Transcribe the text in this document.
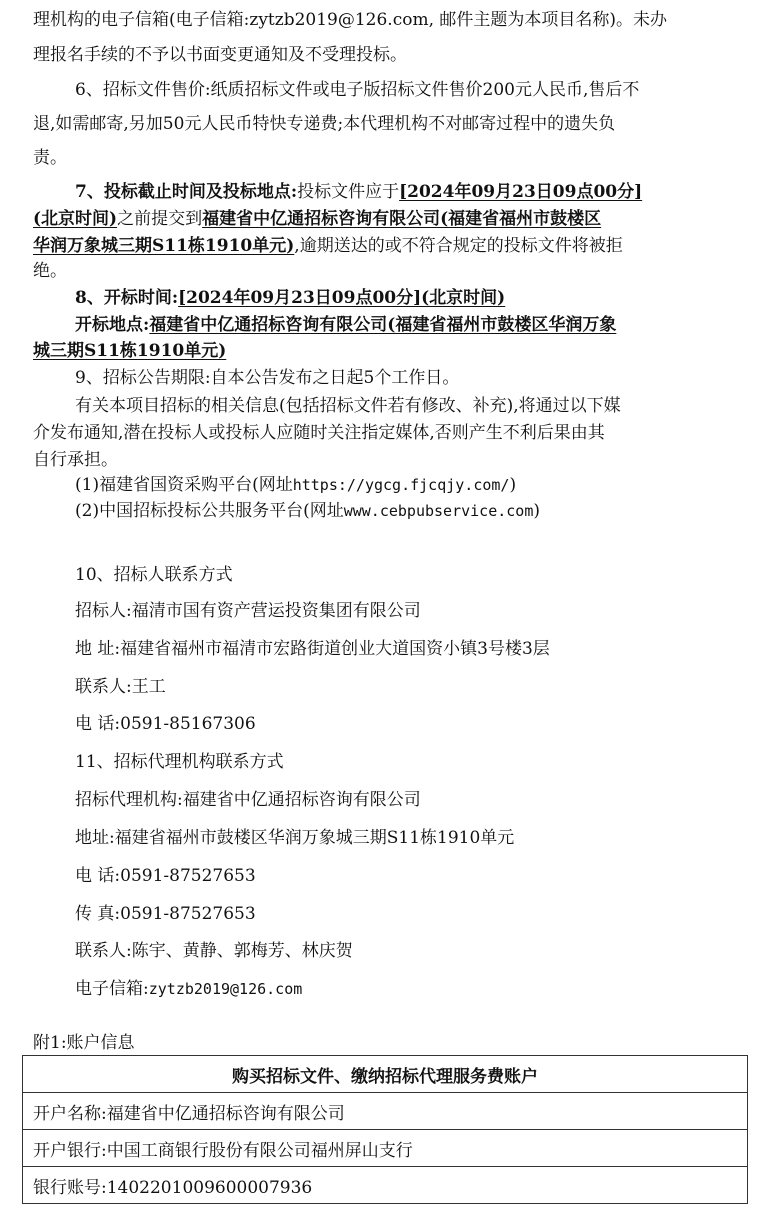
理机构的电子信箱(电子信箱:zytzb2019@126.com, 邮件主题为本项目名称)。未办
理报名手续的不予以书面变更通知及不受理投标。
6、招标文件售价:纸质招标文件或电子版招标文件售价200元人民币,售后不
退,如需邮寄,另加50元人民币特快专递费;本代理机构不对邮寄过程中的遗失负
责。
7、投标截止时间及投标地点:投标文件应于[2024年09月23日09点00分]
(北京时间)之前提交到福建省中亿通招标咨询有限公司(福建省福州市鼓楼区
华润万象城三期S11栋1910单元),逾期送达的或不符合规定的投标文件将被拒
绝。
8、开标时间:[2024年09月23日09点00分](北京时间)
开标地点:福建省中亿通招标咨询有限公司(福建省福州市鼓楼区华润万象
城三期S11栋1910单元)
9、招标公告期限:自本公告发布之日起5个工作日。
有关本项目招标的相关信息(包括招标文件若有修改、补充),将通过以下媒
介发布通知,潜在投标人或投标人应随时关注指定媒体,否则产生不利后果由其
自行承担。
(1)福建省国资采购平台(网址https://ygcg.fjcqjy.com/)
(2)中国招标投标公共服务平台(网址www.cebpubservice.com)
10、招标人联系方式
招标人:福清市国有资产营运投资集团有限公司
地 址:福建省福州市福清市宏路街道创业大道国资小镇3号楼3层
联系人:王工
电 话:0591-85167306
11、招标代理机构联系方式
招标代理机构:福建省中亿通招标咨询有限公司
地址:福建省福州市鼓楼区华润万象城三期S11栋1910单元
电 话:0591-87527653
传 真:0591-87527653
联系人:陈宇、黄静、郭梅芳、林庆贺
电子信箱:zytzb2019@126.com
附1:账户信息
购买招标文件、缴纳招标代理服务费账户
开户名称:福建省中亿通招标咨询有限公司
开户银行:中国工商银行股份有限公司福州屏山支行
银行账号:1402201009600007936
